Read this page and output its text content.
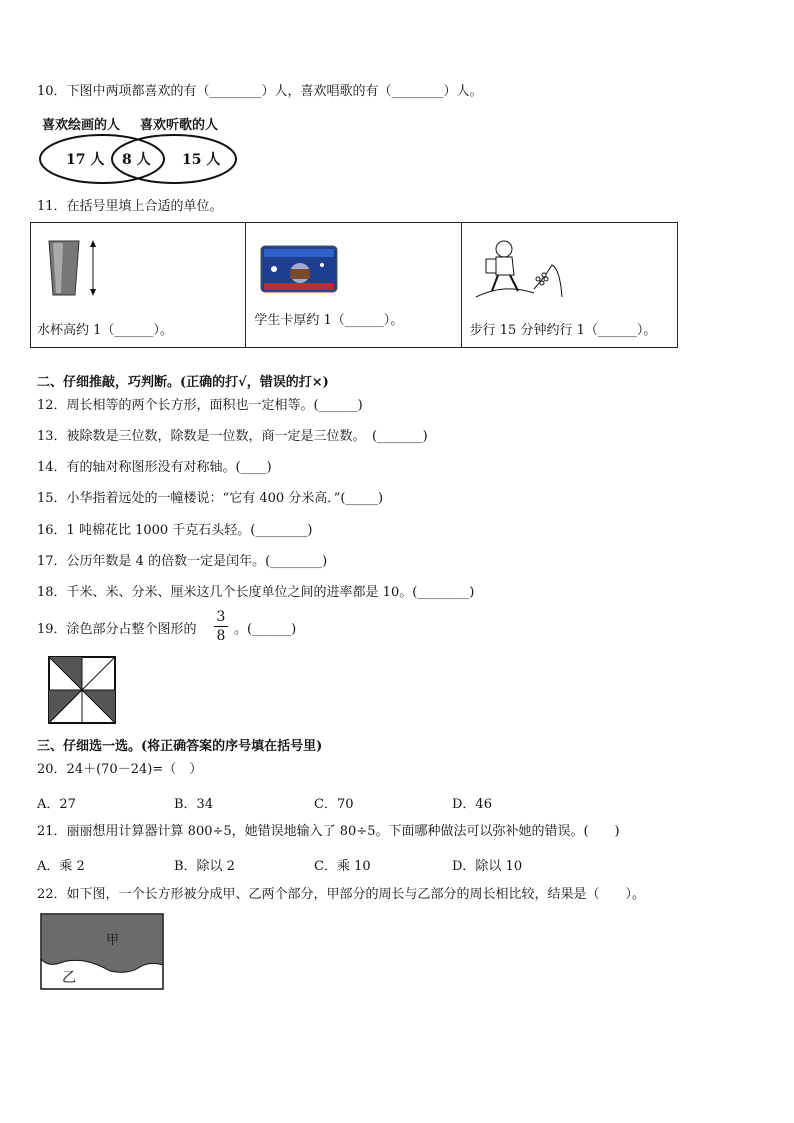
10．下图中两项都喜欢的有（________）人，喜欢唱歌的有（________）人。
喜欢绘画的人 喜欢听歌的人
17 人 8 人 15 人
11．在括号里填上合适的单位。
水杯高约 1（______）。

学生卡厚约 1（______）。

步行 15 分钟约行 1（______）。
二、仔细推敲，巧判断。(正确的打√，错误的打×)
12．周长相等的两个长方形，面积也一定相等。(______)
13．被除数是三位数，除数是一位数，商一定是三位数。　(_______)
14．有的轴对称图形没有对称轴。(____)
15．小华指着远处的一幢楼说：“它有 400 分米高．”(_____)
16．1 吨棉花比 1000 千克石头轻。(________)
17．公历年数是 4 的倍数一定是闰年。(________)
18．千米、米、分米、厘米这几个长度单位之间的进率都是 10。(________)
19．涂色部分占整个图形的
3
8 。(______)
三、仔细选一选。(将正确答案的序号填在括号里)
20．24＋(70－24)=（　）
A．27	B．34	C．70	D．46
21．丽丽想用计算器计算 800÷5，她错误地输入了 80÷5。下面哪种做法可以弥补她的错误。(　　)
A．乘 2	B．除以 2	C．乘 10	D．除以 10
22．如下图，一个长方形被分成甲、乙两个部分，甲部分的周长与乙部分的周长相比较，结果是（　　）。
甲
乙
